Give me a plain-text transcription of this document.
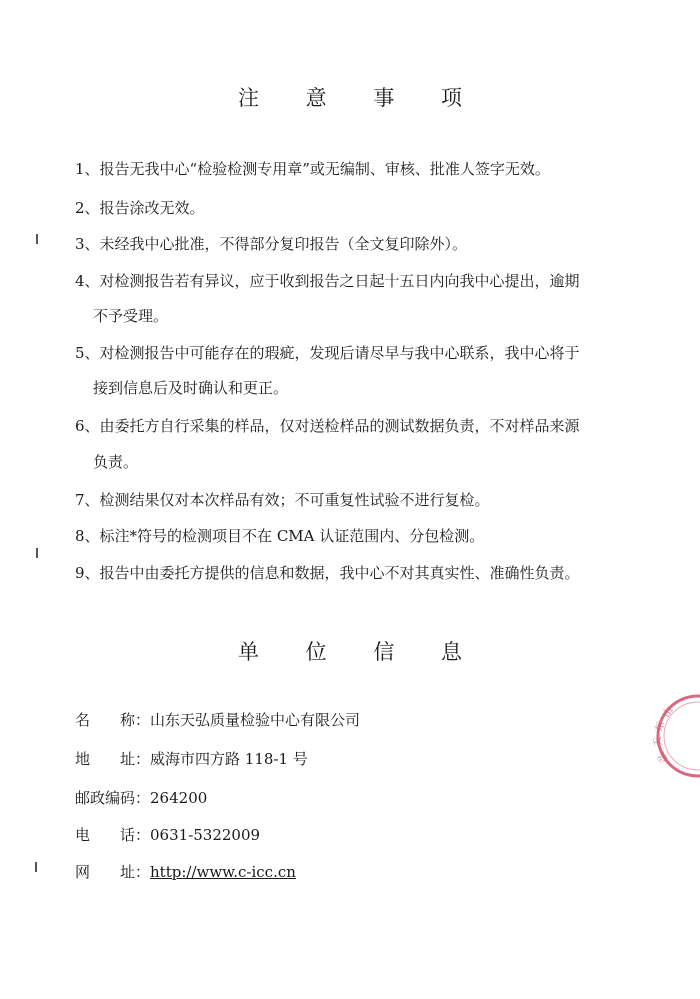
注 意 事 项
1、报告无我中心“检验检测专用章”或无编制、审核、批准人签字无效。
2、报告涂改无效。
3、未经我中心批准，不得部分复印报告（全文复印除外）。
4、对检测报告若有异议，应于收到报告之日起十五日内向我中心提出，逾期
不予受理。
5、对检测报告中可能存在的瑕疵，发现后请尽早与我中心联系，我中心将于
接到信息后及时确认和更正。
6、由委托方自行采集的样品，仅对送检样品的测试数据负责，不对样品来源
负责。
7、检测结果仅对本次样品有效；不可重复性试验不进行复检。
8、标注*符号的检测项目不在 CMA 认证范围内、分包检测。
9、报告中由委托方提供的信息和数据，我中心不对其真实性、准确性负责。
单 位 信 息
名　　称：山东天弘质量检验中心有限公司
地　　址：威海市四方路 118-1 号
邮政编码：264200
电　　话：0631-5322009
网　　址：http://www.c-icc.cn
山
东
天
弘
